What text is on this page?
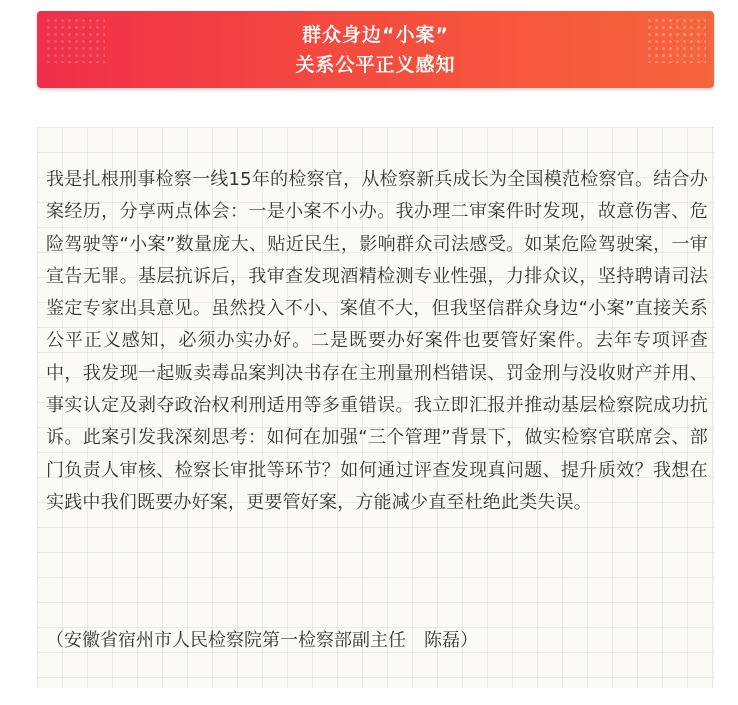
群众身边“小案”
关系公平正义感知

我是扎根刑事检察一线15年的检察官，从检察新兵成长为全国模范检察官。结合办案经历，分享两点体会：一是小案不小办。我办理二审案件时发现，故意伤害、危险驾驶等“小案”数量庞大、贴近民生，影响群众司法感受。如某危险驾驶案，一审宣告无罪。基层抗诉后，我审查发现酒精检测专业性强，力排众议，坚持聘请司法鉴定专家出具意见。虽然投入不小、案值不大，但我坚信群众身边“小案”直接关系公平正义感知，必须办实办好。二是既要办好案件也要管好案件。去年专项评查中，我发现一起贩卖毒品案判决书存在主刑量刑档错误、罚金刑与没收财产并用、事实认定及剥夺政治权利刑适用等多重错误。我立即汇报并推动基层检察院成功抗诉。此案引发我深刻思考：如何在加强“三个管理”背景下，做实检察官联席会、部门负责人审核、检察长审批等环节？如何通过评查发现真问题、提升质效？我想在实践中我们既要办好案，更要管好案，方能减少直至杜绝此类失误。

（安徽省宿州市人民检察院第一检察部副主任　陈磊）
